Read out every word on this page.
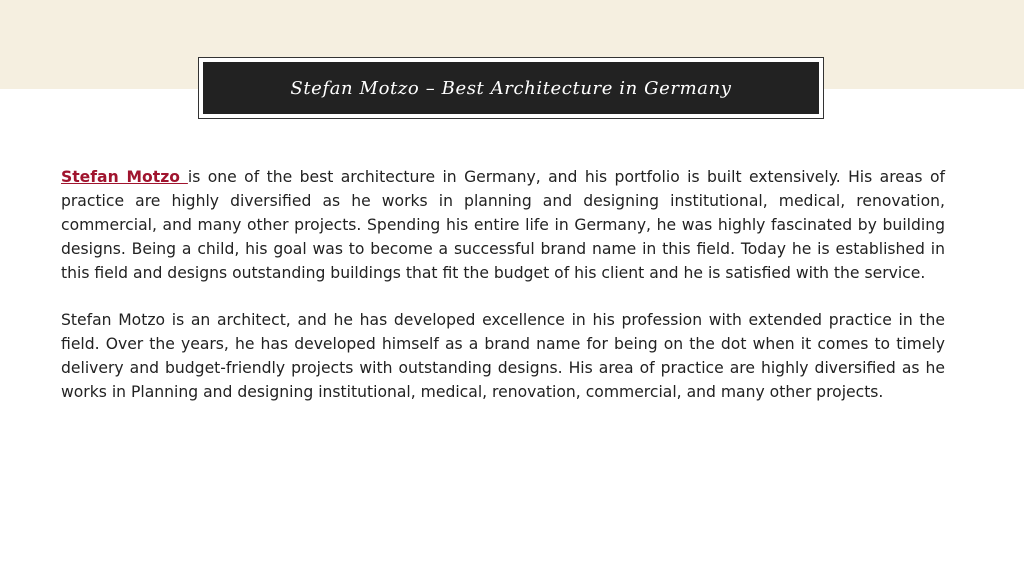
Stefan Motzo – Best Architecture in Germany

Stefan Motzo is one of the best architecture in Germany, and his portfolio is built extensively. His areas of practice are highly diversified as he works in planning and designing institutional, medical, renovation, commercial, and many other projects. Spending his entire life in Germany, he was highly fascinated by building designs. Being a child, his goal was to become a successful brand name in this field. Today he is established in this field and designs outstanding buildings that fit the budget of his client and he is satisfied with the service.

Stefan Motzo is an architect, and he has developed excellence in his profession with extended practice in the field. Over the years, he has developed himself as a brand name for being on the dot when it comes to timely delivery and budget-friendly projects with outstanding designs. His area of practice are highly diversified as he works in Planning and designing institutional, medical, renovation, commercial, and many other projects.
